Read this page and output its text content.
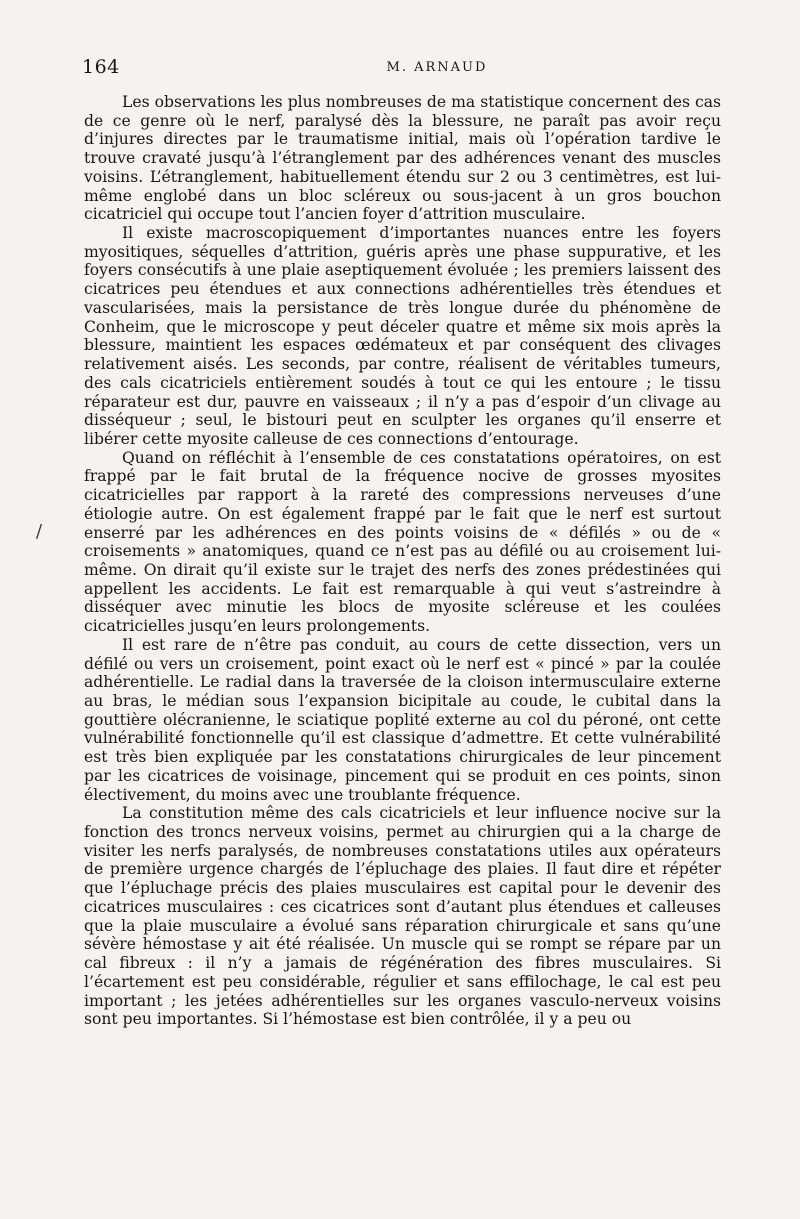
164	M. ARNAUD
/

Les observations les plus nombreuses de ma statistique concernent des cas de ce genre où le nerf, paralysé dès la blessure, ne paraît pas avoir reçu d’injures directes par le traumatisme initial, mais où l’opération tardive le trouve cravaté jusqu’à l’étranglement par des adhérences venant des muscles voisins. L’étranglement, habituellement étendu sur 2 ou 3 centimètres, est lui-même englobé dans un bloc scléreux ou sous-jacent à un gros bouchon cicatriciel qui occupe tout l’ancien foyer d’attrition musculaire.

Il existe macroscopiquement d’importantes nuances entre les foyers myositiques, séquelles d’attrition, guéris après une phase suppurative, et les foyers consécutifs à une plaie aseptiquement évoluée ; les premiers laissent des cicatrices peu étendues et aux connections adhérentielles très étendues et vascularisées, mais la persistance de très longue durée du phénomène de Conheim, que le microscope y peut déceler quatre et même six mois après la blessure, maintient les espaces œdémateux et par conséquent des clivages relativement aisés. Les seconds, par contre, réalisent de véritables tumeurs, des cals cicatriciels entièrement soudés à tout ce qui les entoure ; le tissu réparateur est dur, pauvre en vaisseaux ; il n’y a pas d’espoir d’un clivage au disséqueur ; seul, le bistouri peut en sculpter les organes qu’il enserre et libérer cette myosite calleuse de ces connections d’entourage.

Quand on réfléchit à l’ensemble de ces constatations opératoires, on est frappé par le fait brutal de la fréquence nocive de grosses myosites cicatricielles par rapport à la rareté des compressions nerveuses d’une étiologie autre. On est également frappé par le fait que le nerf est surtout enserré par les adhérences en des points voisins de « défilés » ou de « croisements » anatomiques, quand ce n’est pas au défilé ou au croisement lui-même. On dirait qu’il existe sur le trajet des nerfs des zones prédestinées qui appellent les accidents. Le fait est remarquable à qui veut s’astreindre à disséquer avec minutie les blocs de myosite scléreuse et les coulées cicatricielles jusqu’en leurs prolongements.

Il est rare de n’être pas conduit, au cours de cette dissection, vers un défilé ou vers un croisement, point exact où le nerf est « pincé » par la coulée adhérentielle. Le radial dans la traversée de la cloison intermusculaire externe au bras, le médian sous l’expansion bicipitale au coude, le cubital dans la gouttière olécranienne, le sciatique poplité externe au col du péroné, ont cette vulnérabilité fonctionnelle qu’il est classique d’admettre. Et cette vulnérabilité est très bien expliquée par les constatations chirurgicales de leur pincement par les cicatrices de voisinage, pincement qui se produit en ces points, sinon électivement, du moins avec une troublante fréquence.

La constitution même des cals cicatriciels et leur influence nocive sur la fonction des troncs nerveux voisins, permet au chirurgien qui a la charge de visiter les nerfs paralysés, de nombreuses constatations utiles aux opérateurs de première urgence chargés de l’épluchage des plaies. Il faut dire et répéter que l’épluchage précis des plaies musculaires est capital pour le devenir des cicatrices musculaires : ces cicatrices sont d’autant plus étendues et calleuses que la plaie musculaire a évolué sans réparation chirurgicale et sans qu’une sévère hémostase y ait été réalisée. Un muscle qui se rompt se répare par un cal fibreux : il n’y a jamais de régénération des fibres musculaires. Si l’écartement est peu considérable, régulier et sans effilochage, le cal est peu important ; les jetées adhérentielles sur les organes vasculo-nerveux voisins sont peu importantes. Si l’hémostase est bien contrôlée, il y a peu ou
